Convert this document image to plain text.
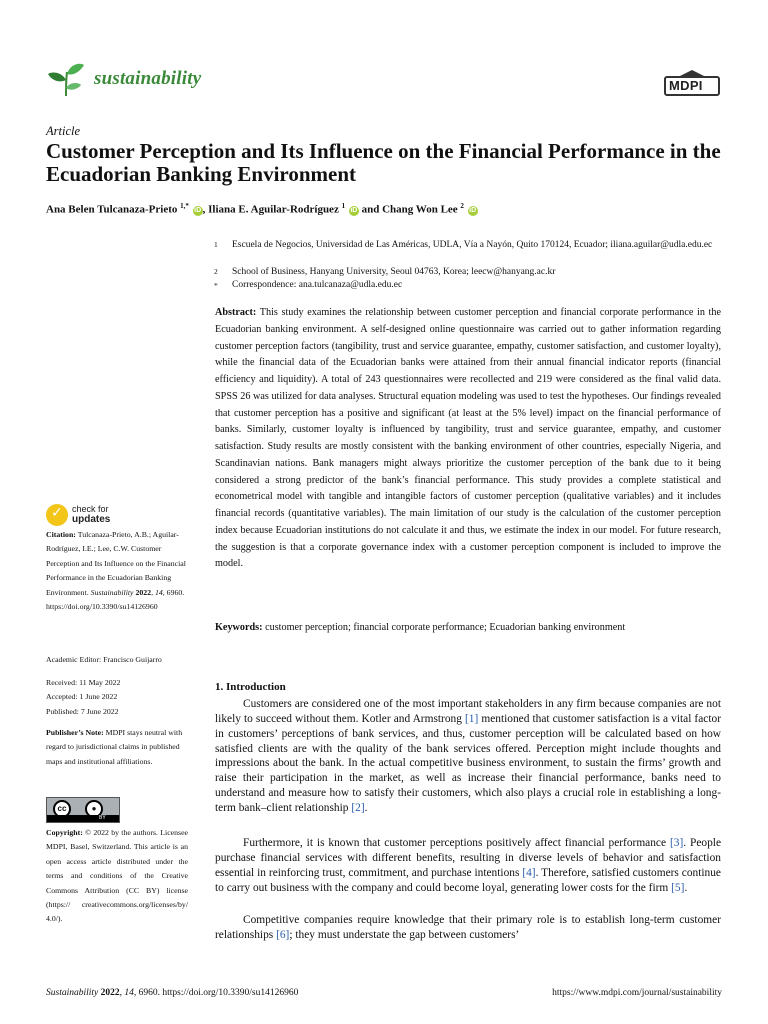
sustainability	MDPI
Article
Customer Perception and Its Influence on the Financial Performance in the Ecuadorian Banking Environment
Ana Belen Tulcanaza-Prieto $^{1,*}$ iD , Iliana E. Aguilar-Rodríguez $^1$ iD and Chang Won Lee $^2$ iD
1 Escuela de Negocios, Universidad de Las Américas, UDLA, Vía a Nayón, Quito 170124, Ecuador; iliana.aguilar@udla.edu.ec
2 School of Business, Hanyang University, Seoul 04763, Korea; leecw@hanyang.ac.kr
* Correspondence: ana.tulcanaza@udla.edu.ec
Abstract: This study examines the relationship between customer perception and financial corporate performance in the Ecuadorian banking environment. A self-designed online questionnaire was carried out to gather information regarding customer perception factors (tangibility, trust and service guarantee, empathy, customer satisfaction, and customer loyalty), while the financial data of the Ecuadorian banks were attained from their annual financial indicator reports (financial efficiency and liquidity). A total of 243 questionnaires were recollected and 219 were considered as the final valid data. SPSS 26 was utilized for data analyses. Structural equation modeling was used to test the hypotheses. Our findings revealed that customer perception has a positive and significant (at least at the 5% level) impact on the financial performance of banks. Similarly, customer loyalty is influenced by tangibility, trust and service guarantee, empathy, and customer satisfaction. Study results are mostly consistent with the banking environment of other countries, especially Nigeria, and Scandinavian nations. Bank managers might always prioritize the customer perception of the bank due to it being considered a strong predictor of the bank’s financial performance. This study provides a complete statistical and econometrical model with tangible and intangible factors of customer perception (qualitative variables) and it includes financial records (quantitative variables). The main limitation of our study is the calculation of the customer perception index because Ecuadorian institutions do not calculate it and thus, we estimate the index in our model. For future research, the suggestion is that a corporate governance index with a customer perception component is included to improve the model.
Keywords: customer perception; financial corporate performance; Ecuadorian banking environment
✓ check for
updates
Citation: Tulcanaza-Prieto, A.B.; Aguilar-Rodríguez, I.E.; Lee, C.W. Customer Perception and Its Influence on the Financial Performance in the Ecuadorian Banking Environment. Sustainability 2022, 14, 6960. https://doi.org/10.3390/su14126960
Academic Editor: Francisco Guijarro
Received: 11 May 2022
Accepted: 1 June 2022
Published: 7 June 2022
Publisher’s Note: MDPI stays neutral with regard to jurisdictional claims in published maps and institutional affiliations.
cc	●
BY
Copyright: © 2022 by the authors. Licensee MDPI, Basel, Switzerland. This article is an open access article distributed under the terms and conditions of the Creative Commons Attribution (CC BY) license (https:// creativecommons.org/licenses/by/ 4.0/).
1. Introduction
Customers are considered one of the most important stakeholders in any firm because companies are not likely to succeed without them. Kotler and Armstrong [1] mentioned that customer satisfaction is a vital factor in customers’ perceptions of bank services, and thus, customer perception will be calculated based on how satisfied clients are with the quality of the bank services offered. Perception might include thoughts and impressions about the bank. In the actual competitive business environment, to sustain the firms’ growth and raise their participation in the market, as well as increase their financial performance, banks need to understand and measure how to satisfy their customers, which also plays a crucial role in establishing a long-term bank–client relationship [2].
Furthermore, it is known that customer perceptions positively affect financial performance [3]. People purchase financial services with different benefits, resulting in diverse levels of behavior and satisfaction essential in reinforcing trust, commitment, and purchase intentions [4]. Therefore, satisfied customers continue to carry out business with the company and could become loyal, generating lower costs for the firm [5].
Competitive companies require knowledge that their primary role is to establish long-term customer relationships [6]; they must understate the gap between customers’
Sustainability 2022, 14, 6960. https://doi.org/10.3390/su14126960	https://www.mdpi.com/journal/sustainability
